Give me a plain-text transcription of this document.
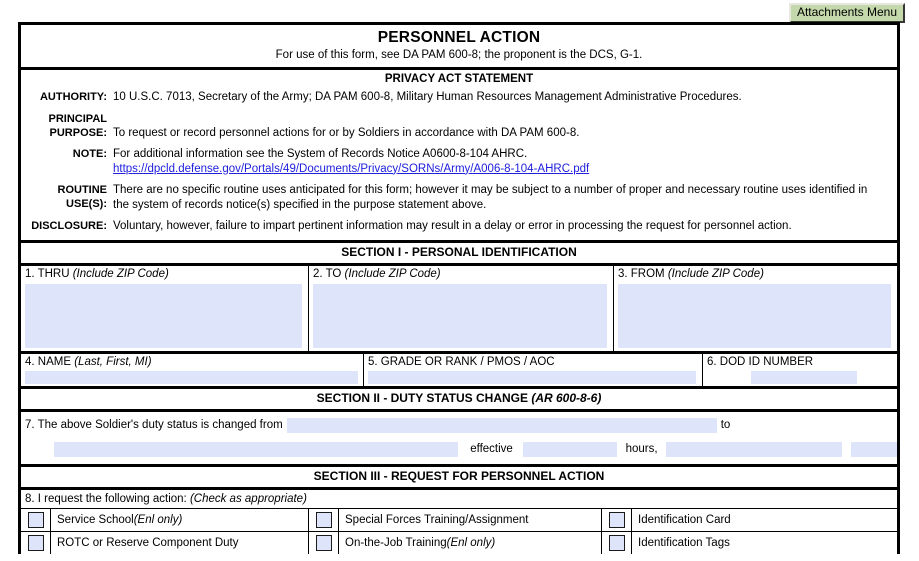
Attachments Menu
PERSONNEL ACTION
For use of this form, see DA PAM 600-8; the proponent is the DCS, G-1.
PRIVACY ACT STATEMENT
AUTHORITY: 10 U.S.C. 7013, Secretary of the Army; DA PAM 600-8, Military Human Resources Management Administrative Procedures.
PRINCIPAL
PURPOSE: To request or record personnel actions for or by Soldiers in accordance with DA PAM 600-8.
NOTE: For additional information see the System of Records Notice A0600-8-104 AHRC.
https://dpcld.defense.gov/Portals/49/Documents/Privacy/SORNs/Army/A006-8-104-AHRC.pdf
ROUTINE USE(S):
There are no specific routine uses anticipated for this form; however it may be subject to a number of proper and necessary routine uses identified in the system of records notice(s) specified in the purpose statement above.
DISCLOSURE: Voluntary, however, failure to impart pertinent information may result in a delay or error in processing the request for personnel action.
SECTION I - PERSONAL IDENTIFICATION
1. THRU (Include ZIP Code)	2. TO (Include ZIP Code)	3. FROM (Include ZIP Code)
4. NAME (Last, First, MI)	5. GRADE OR RANK / PMOS / AOC	6. DOD ID NUMBER
SECTION II - DUTY STATUS CHANGE (AR 600-8-6)
7. The above Soldier's duty status is changed from	to
effective	hours,
SECTION III - REQUEST FOR PERSONNEL ACTION
8. I request the following action: (Check as appropriate)
Service School (Enl only)	Special Forces Training/Assignment	Identification Card
ROTC or Reserve Component Duty	On-the-Job Training (Enl only)	Identification Tags
